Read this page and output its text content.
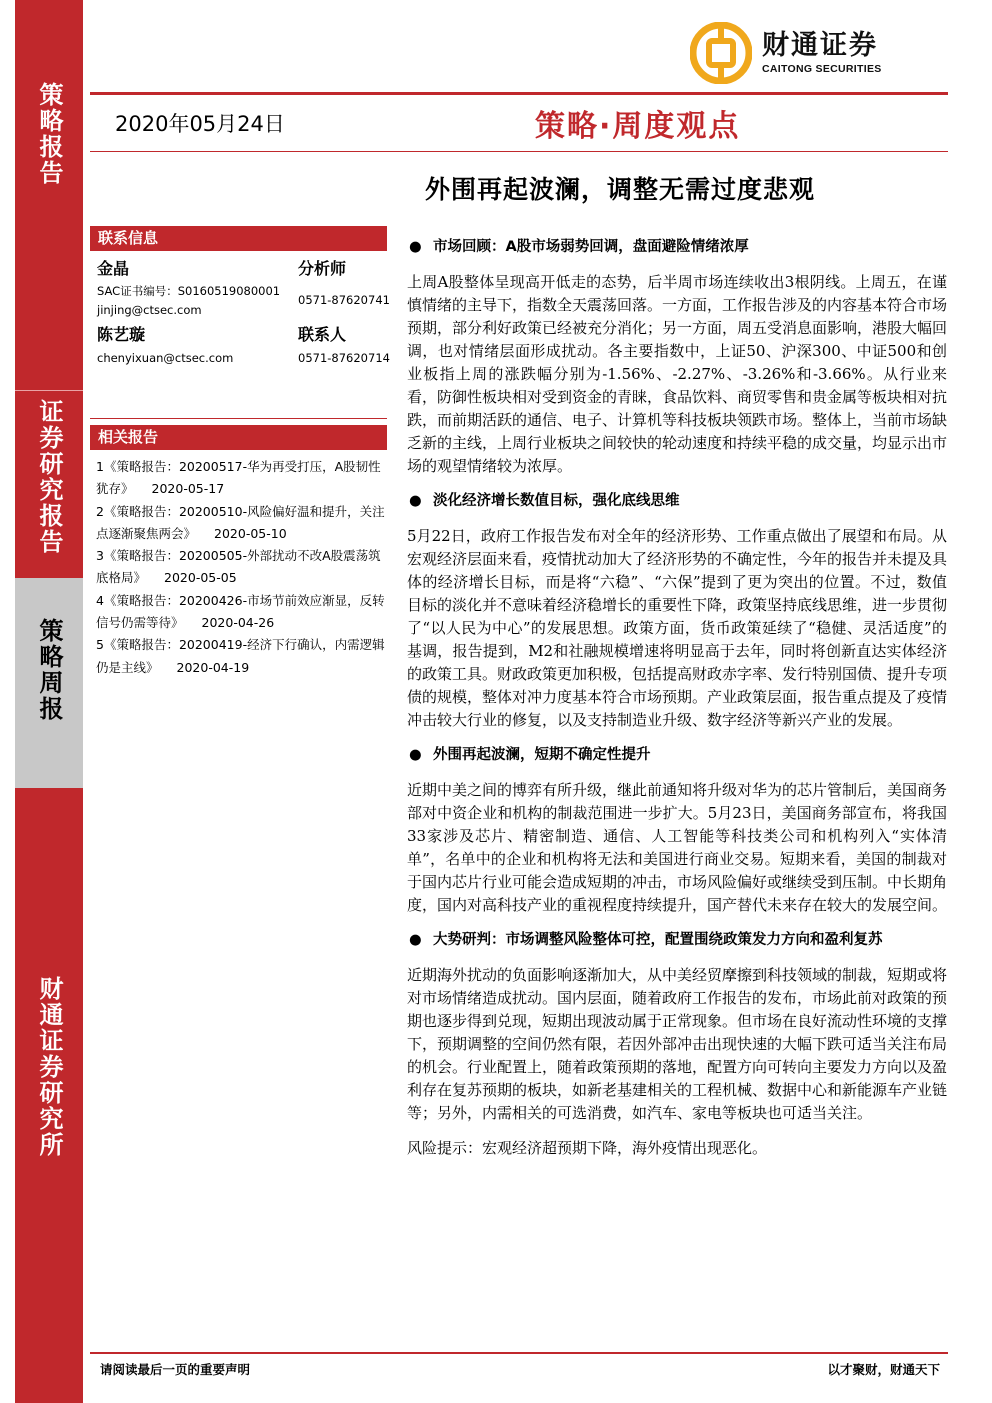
策略报告
证券研究报告
策略周报
财通证券研究所
财通证券
CAITONG SECURITIES
2020年05月24日	策略·周度观点
外围再起波澜，调整无需过度悲观
联系信息
金晶	分析师
SAC证书编号：S0160519080001
0571-87620741
jinjing@ctsec.com
陈艺璇	联系人
chenyixuan@ctsec.com	0571-87620714
相关报告
1《策略报告：20200517-华为再受打压，A股韧性犹存》 2020-05-17
2《策略报告：20200510-风险偏好温和提升，关注点逐渐聚焦两会》 2020-05-10
3《策略报告：20200505-外部扰动不改A股震荡筑底格局》 2020-05-05
4《策略报告：20200426-市场节前效应渐显，反转信号仍需等待》 2020-04-26
5《策略报告：20200419-经济下行确认，内需逻辑仍是主线》 2020-04-19
● 市场回顾：A股市场弱势回调，盘面避险情绪浓厚

上周A股整体呈现高开低走的态势，后半周市场连续收出3根阴线。上周五，在谨慎情绪的主导下，指数全天震荡回落。一方面，工作报告涉及的内容基本符合市场预期，部分利好政策已经被充分消化；另一方面，周五受消息面影响，港股大幅回调，也对情绪层面形成扰动。各主要指数中，上证50、沪深300、中证500和创业板指上周的涨跌幅分别为-1.56%、-2.27%、-3.26%和-3.66%。从行业来看，防御性板块相对受到资金的青睐，食品饮料、商贸零售和贵金属等板块相对抗跌，而前期活跃的通信、电子、计算机等科技板块领跌市场。整体上，当前市场缺乏新的主线，上周行业板块之间较快的轮动速度和持续平稳的成交量，均显示出市场的观望情绪较为浓厚。

● 淡化经济增长数值目标，强化底线思维

5月22日，政府工作报告发布对全年的经济形势、工作重点做出了展望和布局。从宏观经济层面来看，疫情扰动加大了经济形势的不确定性，今年的报告并未提及具体的经济增长目标，而是将“六稳”、“六保”提到了更为突出的位置。不过，数值目标的淡化并不意味着经济稳增长的重要性下降，政策坚持底线思维，进一步贯彻了“以人民为中心”的发展思想。政策方面，货币政策延续了“稳健、灵活适度”的基调，报告提到，M2和社融规模增速将明显高于去年，同时将创新直达实体经济的政策工具。财政政策更加积极，包括提高财政赤字率、发行特别国债、提升专项债的规模，整体对冲力度基本符合市场预期。产业政策层面，报告重点提及了疫情冲击较大行业的修复，以及支持制造业升级、数字经济等新兴产业的发展。

● 外围再起波澜，短期不确定性提升

近期中美之间的博弈有所升级，继此前通知将升级对华为的芯片管制后，美国商务部对中资企业和机构的制裁范围进一步扩大。5月23日，美国商务部宣布，将我国33家涉及芯片、精密制造、通信、人工智能等科技类公司和机构列入“实体清单”，名单中的企业和机构将无法和美国进行商业交易。短期来看，美国的制裁对于国内芯片行业可能会造成短期的冲击，市场风险偏好或继续受到压制。中长期角度，国内对高科技产业的重视程度持续提升，国产替代未来存在较大的发展空间。

● 大势研判：市场调整风险整体可控，配置围绕政策发力方向和盈利复苏

近期海外扰动的负面影响逐渐加大，从中美经贸摩擦到科技领域的制裁，短期或将对市场情绪造成扰动。国内层面，随着政府工作报告的发布，市场此前对政策的预期也逐步得到兑现，短期出现波动属于正常现象。但市场在良好流动性环境的支撑下，预期调整的空间仍然有限，若因外部冲击出现快速的大幅下跌可适当关注布局的机会。行业配置上，随着政策预期的落地，配置方向可转向主要发力方向以及盈利存在复苏预期的板块，如新老基建相关的工程机械、数据中心和新能源车产业链等；另外，内需相关的可选消费，如汽车、家电等板块也可适当关注。

风险提示：宏观经济超预期下降，海外疫情出现恶化。

请阅读最后一页的重要声明	以才聚财，财通天下
